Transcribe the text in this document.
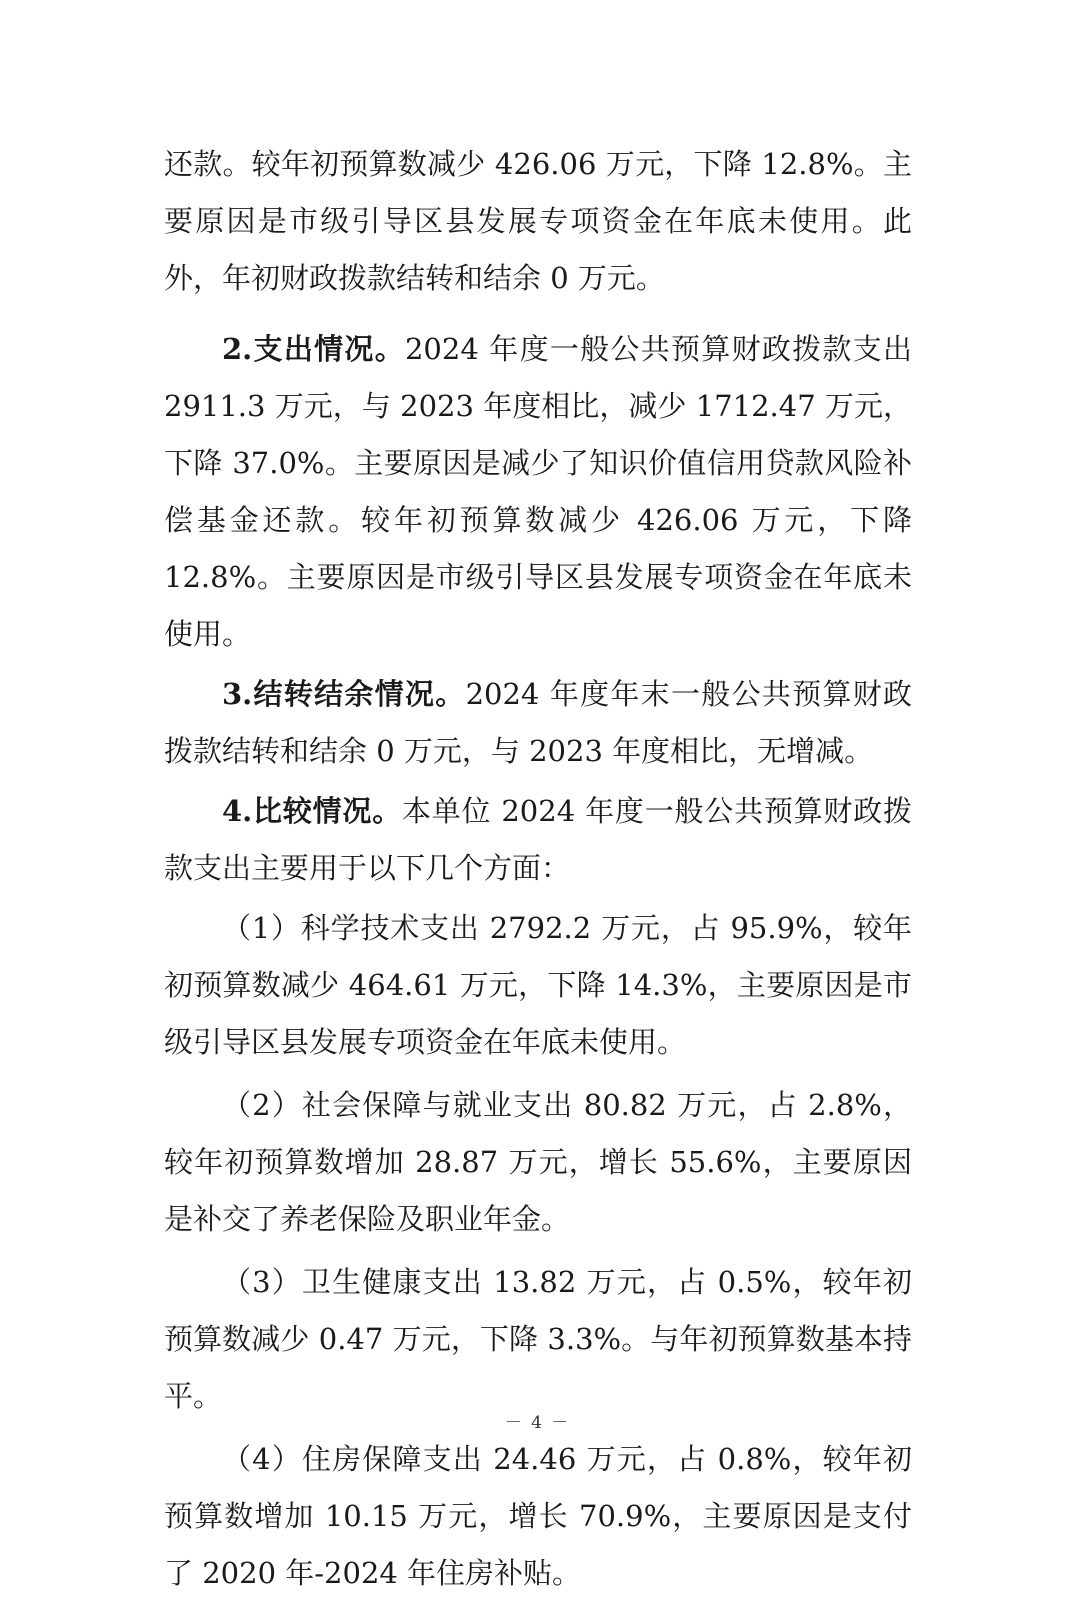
还款。较年初预算数减少 426.06 万元，下降 12.8%。主要原因是市级引导区县发展专项资金在年底未使用。此外，年初财政拨款结转和结余 0 万元。

2.支出情况。2024 年度一般公共预算财政拨款支出 2911.3 万元，与 2023 年度相比，减少 1712.47 万元，下降 37.0%。主要原因是减少了知识价值信用贷款风险补偿基金还款。较年初预算数减少 426.06 万元，下降 12.8%。主要原因是市级引导区县发展专项资金在年底未使用。

3.结转结余情况。2024 年度年末一般公共预算财政拨款结转和结余 0 万元，与 2023 年度相比，无增减。

4.比较情况。本单位 2024 年度一般公共预算财政拨款支出主要用于以下几个方面：

（1）科学技术支出 2792.2 万元，占 95.9%，较年初预算数减少 464.61 万元，下降 14.3%，主要原因是市级引导区县发展专项资金在年底未使用。

（2）社会保障与就业支出 80.82 万元，占 2.8%，较年初预算数增加 28.87 万元，增长 55.6%，主要原因是补交了养老保险及职业年金。

（3）卫生健康支出 13.82 万元，占 0.5%，较年初预算数减少 0.47 万元，下降 3.3%。与年初预算数基本持平。

（4）住房保障支出 24.46 万元，占 0.8%，较年初预算数增加 10.15 万元，增长 70.9%，主要原因是支付了 2020 年-2024 年住房补贴。

－ 4 －
